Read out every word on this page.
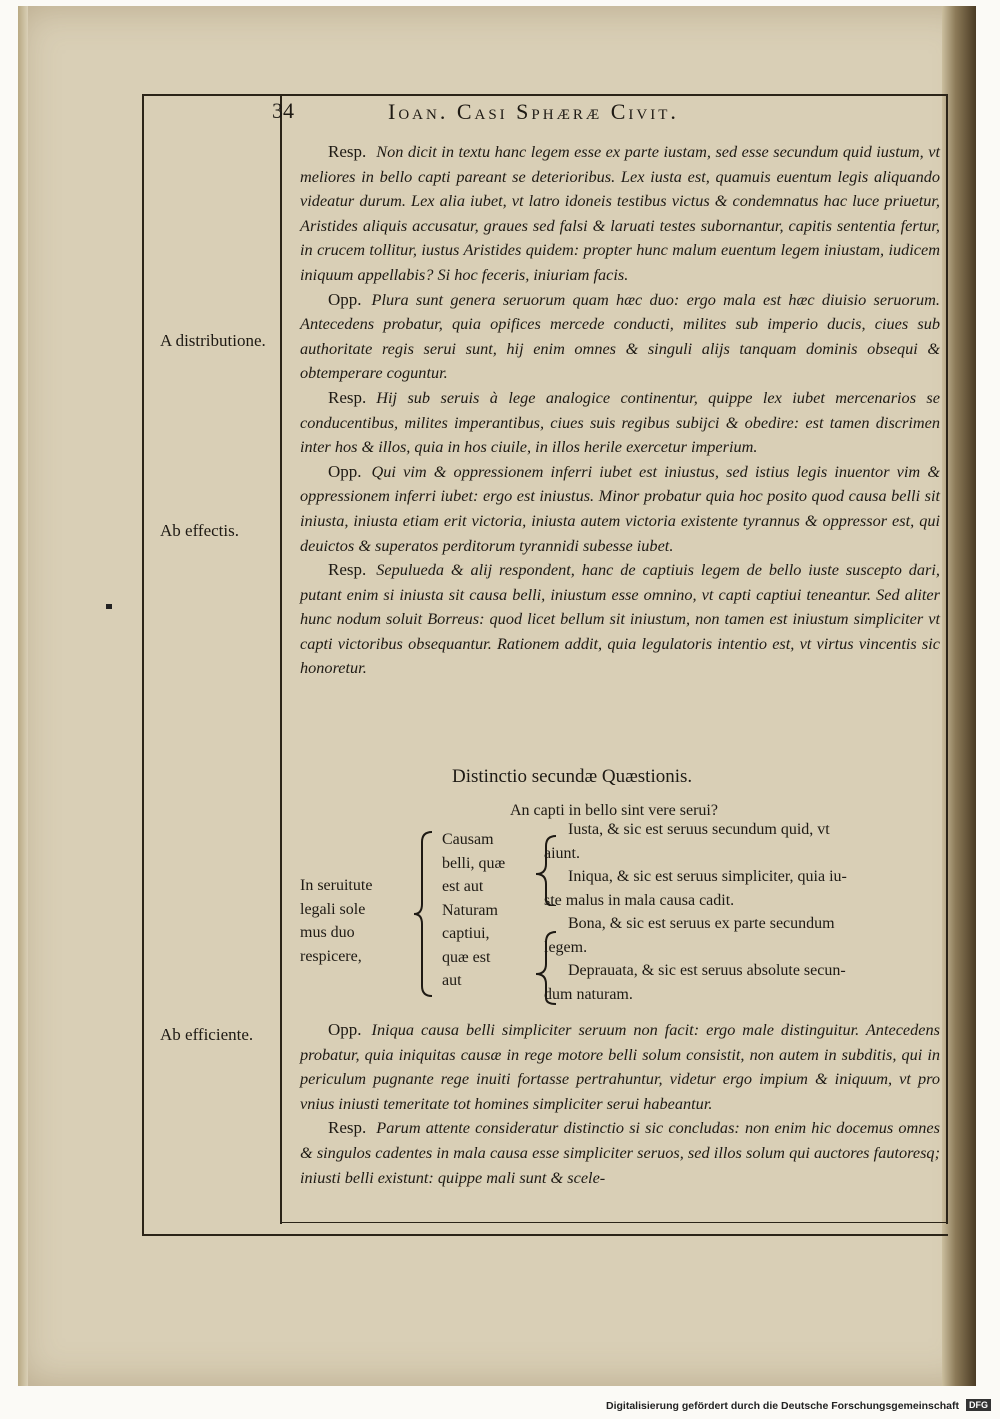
34	Ioan. Casi Sphæræ Civit.
A distributione.
Ab effectis.
Ab efficiente.

Resp. Non dicit in textu hanc legem esse ex parte iustam, sed esse secundum quid iustum, vt meliores in bello capti pareant se deterioribus. Lex iusta est, quamuis euentum legis aliquando videatur durum. Lex alia iubet, vt latro idoneis testibus victus & condemnatus hac luce priuetur, Aristides aliquis accusatur, graues sed falsi & laruati testes subornantur, capitis sententia fertur, in crucem tollitur, iustus Aristides quidem: propter hunc malum euentum legem iniustam, iudicem iniquum appellabis? Si hoc feceris, iniuriam facis.

Opp. Plura sunt genera seruorum quam hæc duo: ergo mala est hæc diuisio seruorum. Antecedens probatur, quia opifices mercede conducti, milites sub imperio ducis, ciues sub authoritate regis serui sunt, hij enim omnes & singuli alijs tanquam dominis obsequi & obtemperare coguntur.

Resp. Hij sub seruis à lege analogice continentur, quippe lex iubet mercenarios se conducentibus, milites imperantibus, ciues suis regibus subijci & obedire: est tamen discrimen inter hos & illos, quia in hos ciuile, in illos herile exercetur imperium.

Opp. Qui vim & oppressionem inferri iubet est iniustus, sed istius legis inuentor vim & oppressionem inferri iubet: ergo est iniustus. Minor probatur quia hoc posito quod causa belli sit iniusta, iniusta etiam erit victoria, iniusta autem victoria existente tyrannus & oppressor est, qui deuictos & superatos perditorum tyrannidi subesse iubet.

Resp. Sepulueda & alij respondent, hanc de captiuis legem de bello iuste suscepto dari, putant enim si iniusta sit causa belli, iniustum esse omnino, vt capti captiui teneantur. Sed aliter hunc nodum soluit Borreus: quod licet bellum sit iniustum, non tamen est iniustum simpliciter vt capti victoribus obsequantur. Rationem addit, quia legulatoris intentio est, vt virtus vincentis sic honoretur.

Distinctio secundæ Quæstionis.
An capti in bello sint vere serui?
In seruitute
legali sole
mus duo
respicere,
Causam
belli, quæ
est aut
Naturam
captiui,
quæ est
aut
Iusta, & sic est seruus secundum quid, vt
aiunt.
Iniqua, & sic est seruus simpliciter, quia iu-
ste malus in mala causa cadit.
Bona, & sic est seruus ex parte secundum
legem.
Deprauata, & sic est seruus absolute secun-
dum naturam.

Opp. Iniqua causa belli simpliciter seruum non facit: ergo male distinguitur. Antecedens probatur, quia iniquitas causæ in rege motore belli solum consistit, non autem in subditis, qui in periculum pugnante rege inuiti fortasse pertrahuntur, videtur ergo impium & iniquum, vt pro vnius iniusti temeritate tot homines simpliciter serui habeantur.

Resp. Parum attente consideratur distinctio si sic concludas: non enim hic docemus omnes & singulos cadentes in mala causa esse simpliciter seruos, sed illos solum qui auctores fautoresq; iniusti belli existunt: quippe mali sunt & scele-

Digitalisierung gefördert durch die Deutsche Forschungsgemeinschaft	DFG
